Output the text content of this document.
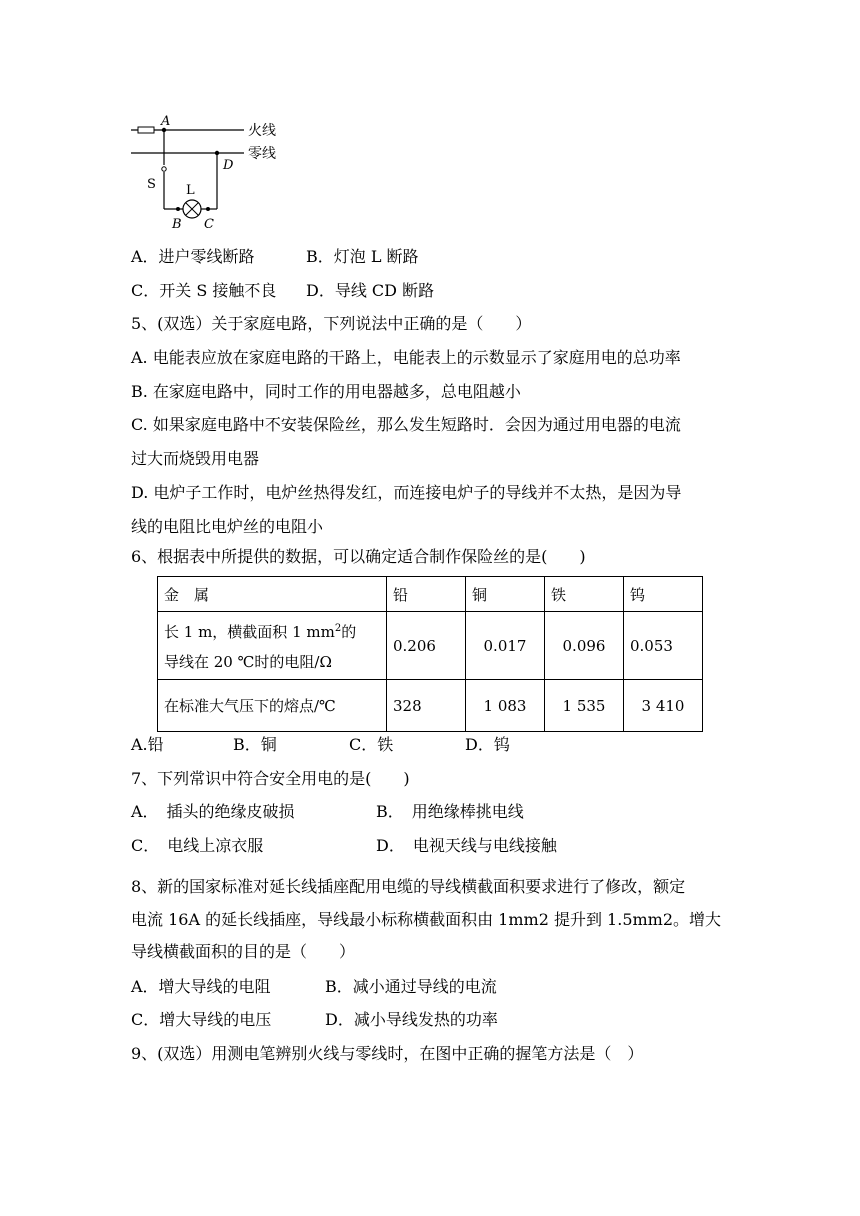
A
D
S L
B C
火线
零线
A．进户零线断路	B．灯泡 L 断路
C．开关 S 接触不良 D．导线 CD 断路
5、(双选）关于家庭电路，下列说法中正确的是（　　）
A. 电能表应放在家庭电路的干路上，电能表上的示数显示了家庭用电的总功率
B. 在家庭电路中，同时工作的用电器越多，总电阻越小
C. 如果家庭电路中不安装保险丝，那么发生短路时．会因为通过用电器的电流
过大而烧毁用电器
D. 电炉子工作时，电炉丝热得发红，而连接电炉子的导线并不太热，是因为导
线的电阻比电炉丝的电阻小
6、根据表中所提供的数据，可以确定适合制作保险丝的是(　　)
金　属	铅	铜	铁	钨
长 1 m，横截面积 1 $mm^2$的
导线在 20 ℃时的电阻/Ω	0.206	0.017	0.096	0.053
在标准大气压下的熔点/℃	328	1 083	1 535	3 410
A.铅	B．铜	C．铁	D．钨
7、下列常识中符合安全用电的是(　　)
A．　插头的绝缘皮破损	B．　用绝缘棒挑电线
C．　电线上凉衣服	D．　电视天线与电线接触
8、新的国家标准对延长线插座配用电缆的导线横截面积要求进行了修改，额定
电流 16A 的延长线插座，导线最小标称横截面积由 1mm2 提升到 1.5mm2。增大
导线横截面积的目的是（　　）
A．增大导线的电阻	B．减小通过导线的电流
C．增大导线的电压	D．减小导线发热的功率
9、(双选）用测电笔辨别火线与零线时，在图中正确的握笔方法是（　）
